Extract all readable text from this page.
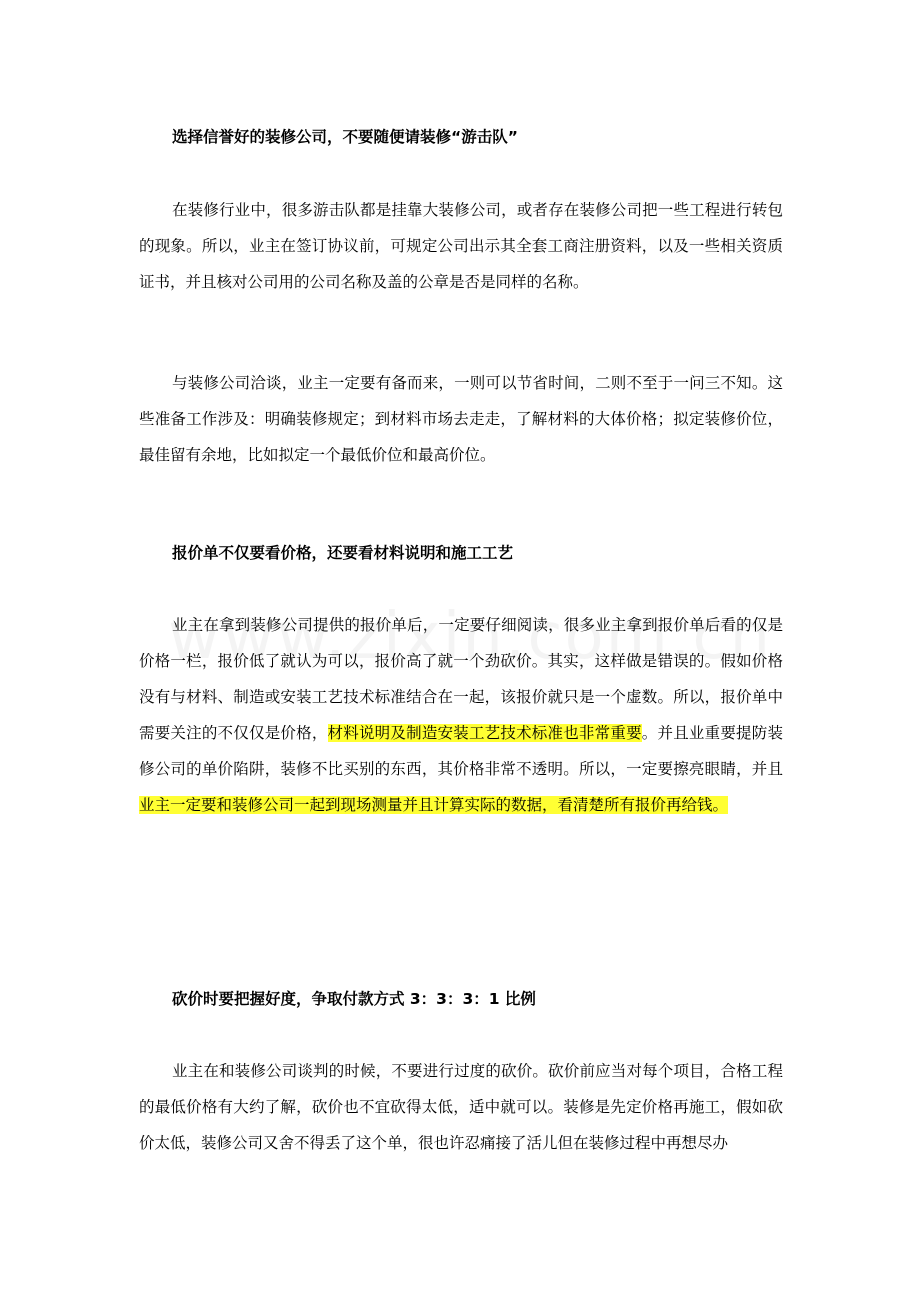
选择信誉好的装修公司，不要随便请装修“游击队”

在装修行业中，很多游击队都是挂靠大装修公司，或者存在装修公司把一些工程进行转包的现象。所以，业主在签订协议前，可规定公司出示其全套工商注册资料，以及一些相关资质证书，并且核对公司用的公司名称及盖的公章是否是同样的名称。

与装修公司洽谈，业主一定要有备而来，一则可以节省时间，二则不至于一问三不知。这些准备工作涉及：明确装修规定；到材料市场去走走，了解材料的大体价格；拟定装修价位，最佳留有余地，比如拟定一个最低价位和最高价位。

报价单不仅要看价格，还要看材料说明和施工工艺

业主在拿到装修公司提供的报价单后，一定要仔细阅读，很多业主拿到报价单后看的仅是价格一栏，报价低了就认为可以，报价高了就一个劲砍价。其实，这样做是错误的。假如价格没有与材料、制造或安装工艺技术标准结合在一起，该报价就只是一个虚数。所以，报价单中需要关注的不仅仅是价格，材料说明及制造安装工艺技术标准也非常重要。并且业重要提防装修公司的单价陷阱，装修不比买别的东西，其价格非常不透明。所以，一定要擦亮眼睛，并且业主一定要和装修公司一起到现场测量并且计算实际的数据，看清楚所有报价再给钱。

砍价时要把握好度，争取付款方式 3：3：3：1 比例

业主在和装修公司谈判的时候，不要进行过度的砍价。砍价前应当对每个项目，合格工程的最低价格有大约了解，砍价也不宜砍得太低，适中就可以。装修是先定价格再施工，假如砍价太低，装修公司又舍不得丢了这个单，很也许忍痛接了活儿但在装修过程中再想尽办
